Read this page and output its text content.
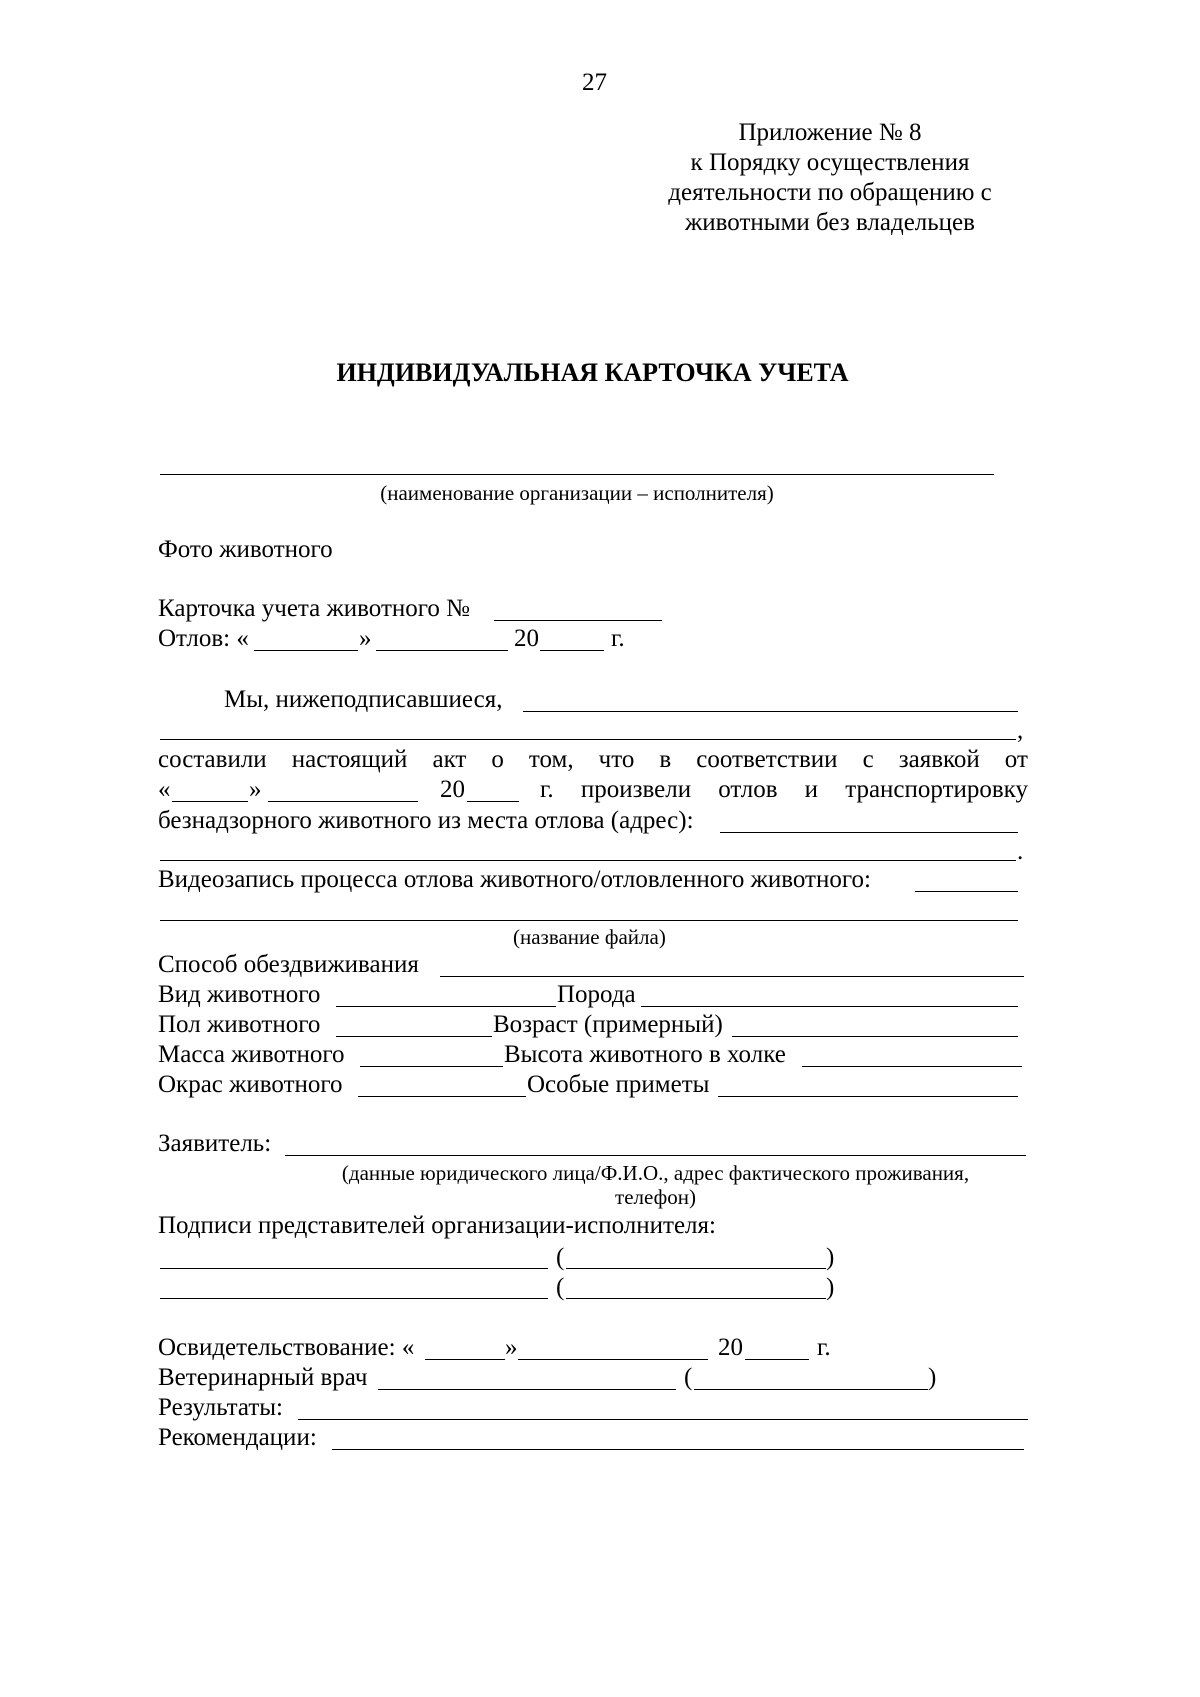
27
Приложение № 8
к Порядку осуществления
деятельности по обращению с
животными без владельцев
ИНДИВИДУАЛЬНАЯ КАРТОЧКА УЧЕТА
(наименование организации – исполнителя)
Фото животного
Карточка учета животного №
Отлов: «	»	20	г.
Мы, нижеподписавшиеся,
,
составили настоящий акт о том, что в соответствии с заявкой от
«	»	20	г. произвели отлов и транспортировку
безнадзорного животного из места отлова (адрес):
.
Видеозапись процесса отлова животного/отловленного животного:
(название файла)
Способ обездвиживания
Вид животного	Порода
Пол животного	Возраст (примерный)
Масса животного	Высота животного в холке
Окрас животного	Особые приметы
Заявитель:
(данные юридического лица/Ф.И.О., адрес фактического проживания,
телефон)
Подписи представителей организации-исполнителя:
(	)
(	)
Освидетельствование: «	»	20	г.
Ветеринарный врач	(	)
Результаты:
Рекомендации:
